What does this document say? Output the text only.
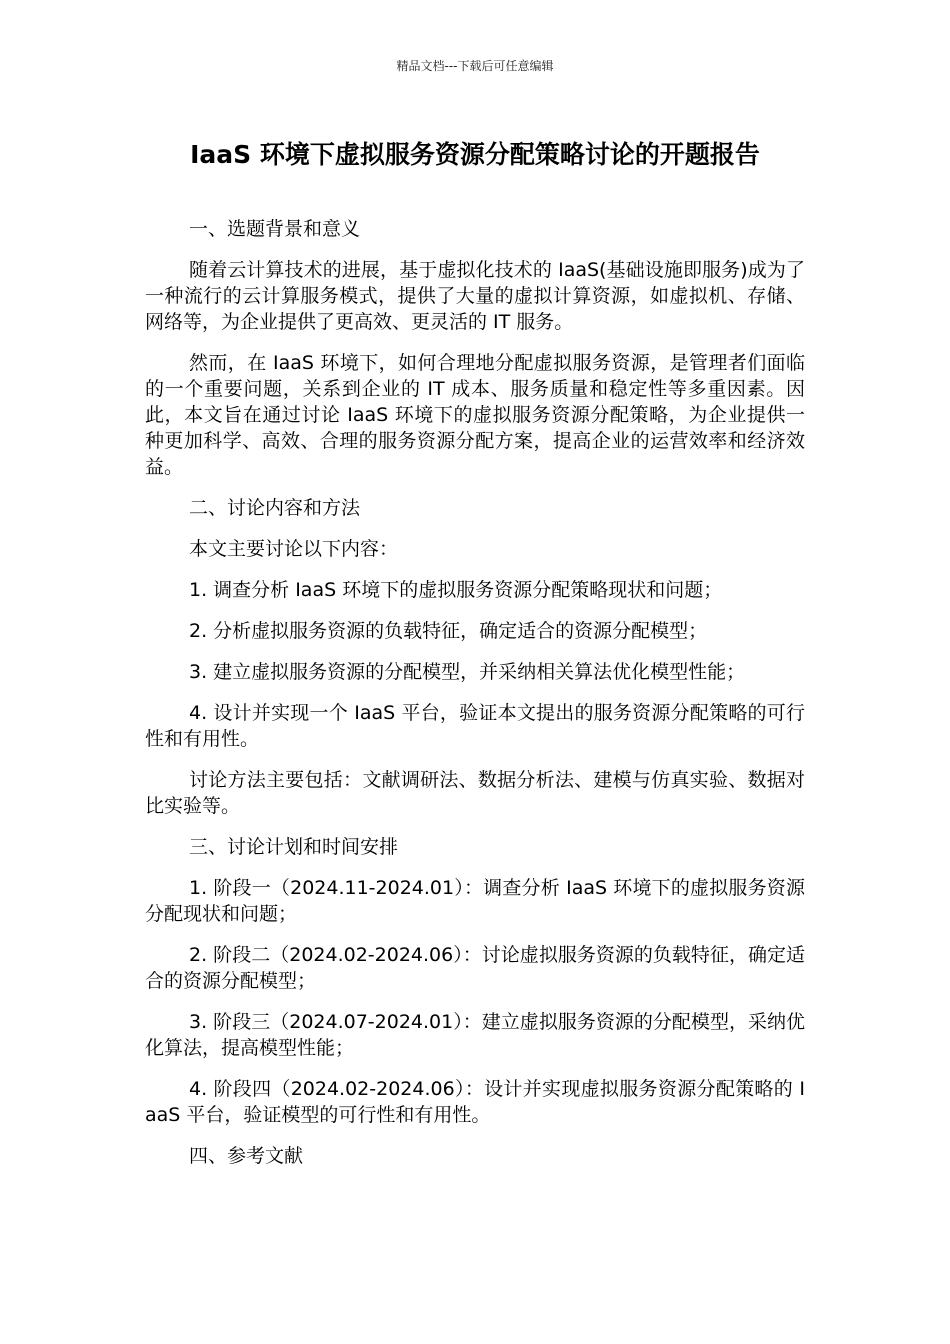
精品文档---下载后可任意编辑
IaaS 环境下虚拟服务资源分配策略讨论的开题报告

一、选题背景和意义

随着云计算技术的进展，基于虚拟化技术的 IaaS(基础设施即服务)成为了一种流行的云计算服务模式，提供了大量的虚拟计算资源，如虚拟机、存储、网络等，为企业提供了更高效、更灵活的 IT 服务。

然而，在 IaaS 环境下，如何合理地分配虚拟服务资源，是管理者们面临的一个重要问题，关系到企业的 IT 成本、服务质量和稳定性等多重因素。因此，本文旨在通过讨论 IaaS 环境下的虚拟服务资源分配策略，为企业提供一种更加科学、高效、合理的服务资源分配方案，提高企业的运营效率和经济效益。

二、讨论内容和方法

本文主要讨论以下内容：

1. 调查分析 IaaS 环境下的虚拟服务资源分配策略现状和问题；

2. 分析虚拟服务资源的负载特征，确定适合的资源分配模型；

3. 建立虚拟服务资源的分配模型，并采纳相关算法优化模型性能；

4. 设计并实现一个 IaaS 平台，验证本文提出的服务资源分配策略的可行性和有用性。

讨论方法主要包括：文献调研法、数据分析法、建模与仿真实验、数据对比实验等。

三、讨论计划和时间安排

1. 阶段一（2024.11-2024.01）：调查分析 IaaS 环境下的虚拟服务资源分配现状和问题；

2. 阶段二（2024.02-2024.06）：讨论虚拟服务资源的负载特征，确定适合的资源分配模型；

3. 阶段三（2024.07-2024.01）：建立虚拟服务资源的分配模型，采纳优化算法，提高模型性能；

4. 阶段四（2024.02-2024.06）：设计并实现虚拟服务资源分配策略的 IaaS 平台，验证模型的可行性和有用性。

四、参考文献
